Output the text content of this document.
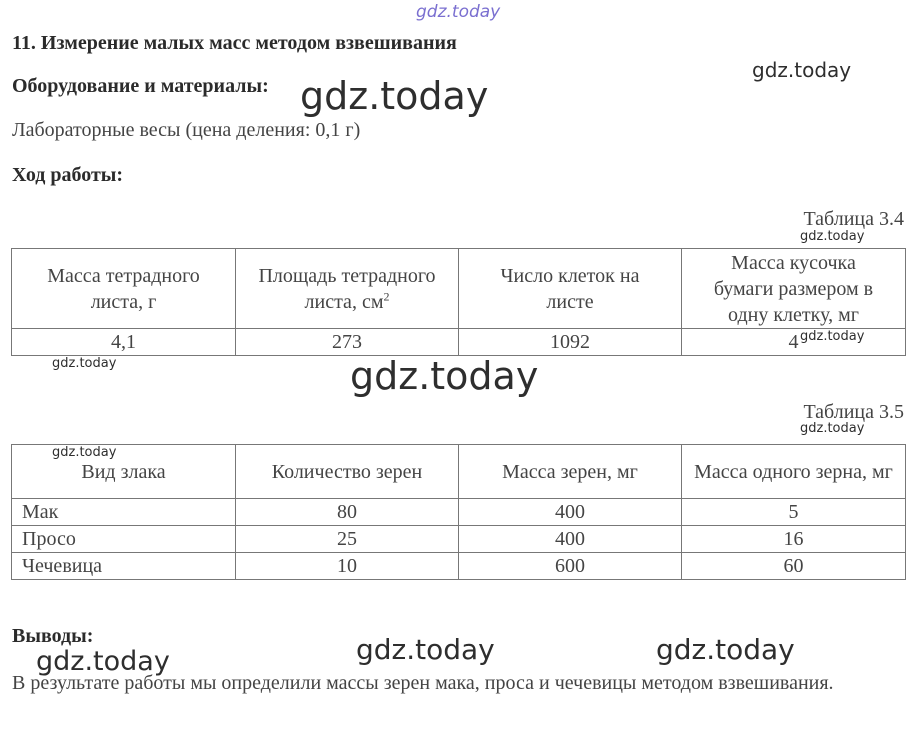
gdz.today
11. Измерение малых масс методом взвешивания
gdz.today
Оборудование и материалы: gdz.today
Лабораторные весы (цена деления: 0,1 г)
Ход работы:
Таблица 3.4
gdz.today
Масса тетрадного листа, г	Площадь тетрадного листа, $см^2$	Число клеток на листе	Масса кусочка бумаги размером в одну клетку, мг
4,1	273	1092	4 gdz.today
gdz.today	gdz.today
Таблица 3.5
gdz.today
Вид злака	Количество зерен	Масса зерен, мг	Масса одного зерна, мг
Мак	80	400	5
Просо	25	400	16
Чечевица	10	600	60
gdz.today
Выводы:
gdz.today	gdz.today	gdz.today
В результате работы мы определили массы зерен мака, проса и чечевицы методом взвешивания.
